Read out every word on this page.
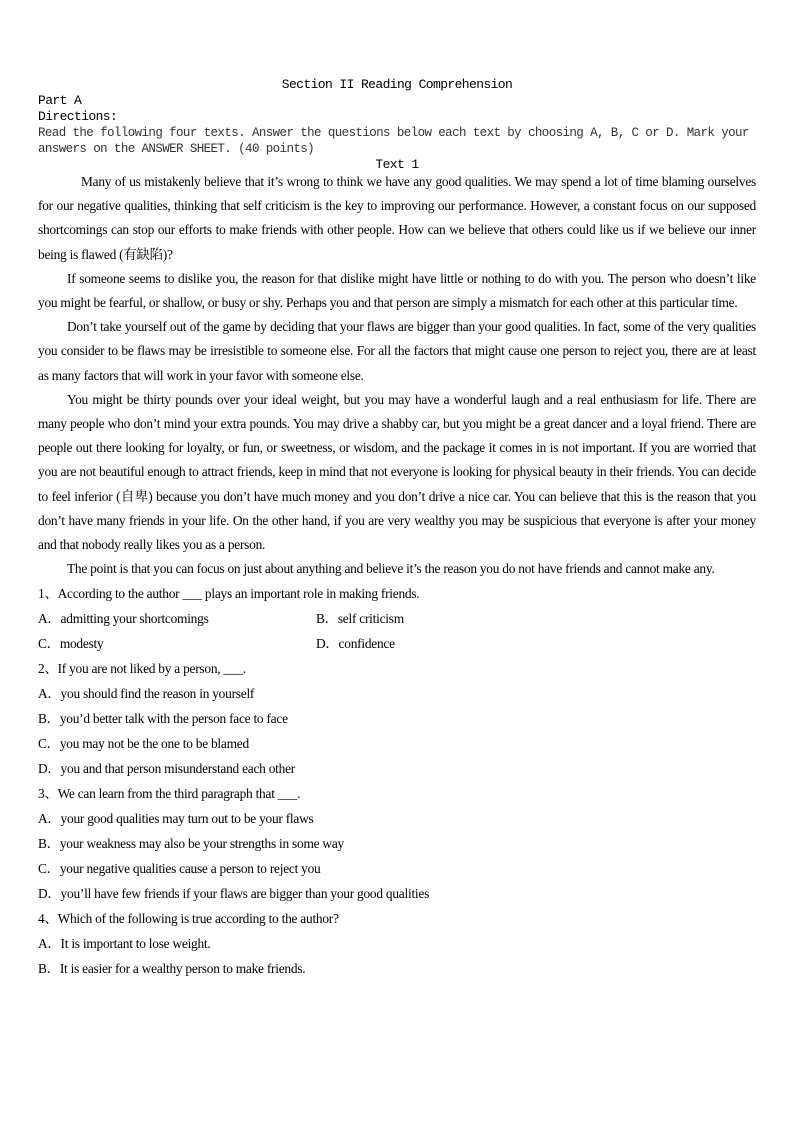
Section II Reading Comprehension
Part A
Directions:
Read the following four texts. Answer the questions below each text by choosing A, B, C or D. Mark your answers on the ANSWER SHEET. (40 points)
Text 1

Many of us mistakenly believe that it’s wrong to think we have any good qualities. We may spend a lot of time blaming ourselves for our negative qualities, thinking that self criticism is the key to improving our performance. However, a constant focus on our supposed shortcomings can stop our efforts to make friends with other people. How can we believe that others could like us if we believe our inner being is flawed (有缺陷)?

If someone seems to dislike you, the reason for that dislike might have little or nothing to do with you. The person who doesn’t like you might be fearful, or shallow, or busy or shy. Perhaps you and that person are simply a mismatch for each other at this particular time.

Don’t take yourself out of the game by deciding that your flaws are bigger than your good qualities. In fact, some of the very qualities you consider to be flaws may be irresistible to someone else. For all the factors that might cause one person to reject you, there are at least as many factors that will work in your favor with someone else.

You might be thirty pounds over your ideal weight, but you may have a wonderful laugh and a real enthusiasm for life. There are many people who don’t mind your extra pounds. You may drive a shabby car, but you might be a great dancer and a loyal friend. There are people out there looking for loyalty, or fun, or sweetness, or wisdom, and the package it comes in is not important. If you are worried that you are not beautiful enough to attract friends, keep in mind that not everyone is looking for physical beauty in their friends. You can decide to feel inferior (自卑) because you don’t have much money and you don’t drive a nice car. You can believe that this is the reason that you don’t have many friends in your life. On the other hand, if you are very wealthy you may be suspicious that everyone is after your money and that nobody really likes you as a person.

The point is that you can focus on just about anything and believe it’s the reason you do not have friends and cannot make any.

1、According to the author ___ plays an important role in making friends.

A．admitting your shortcomings	B．self criticism
C．modesty	D．confidence

2、If you are not liked by a person, ___.

A．you should find the reason in yourself

B．you’d better talk with the person face to face

C．you may not be the one to be blamed

D．you and that person misunderstand each other

3、We can learn from the third paragraph that ___.

A．your good qualities may turn out to be your flaws

B．your weakness may also be your strengths in some way

C．your negative qualities cause a person to reject you

D．you’ll have few friends if your flaws are bigger than your good qualities

4、Which of the following is true according to the author?

A．It is important to lose weight.

B．It is easier for a wealthy person to make friends.
